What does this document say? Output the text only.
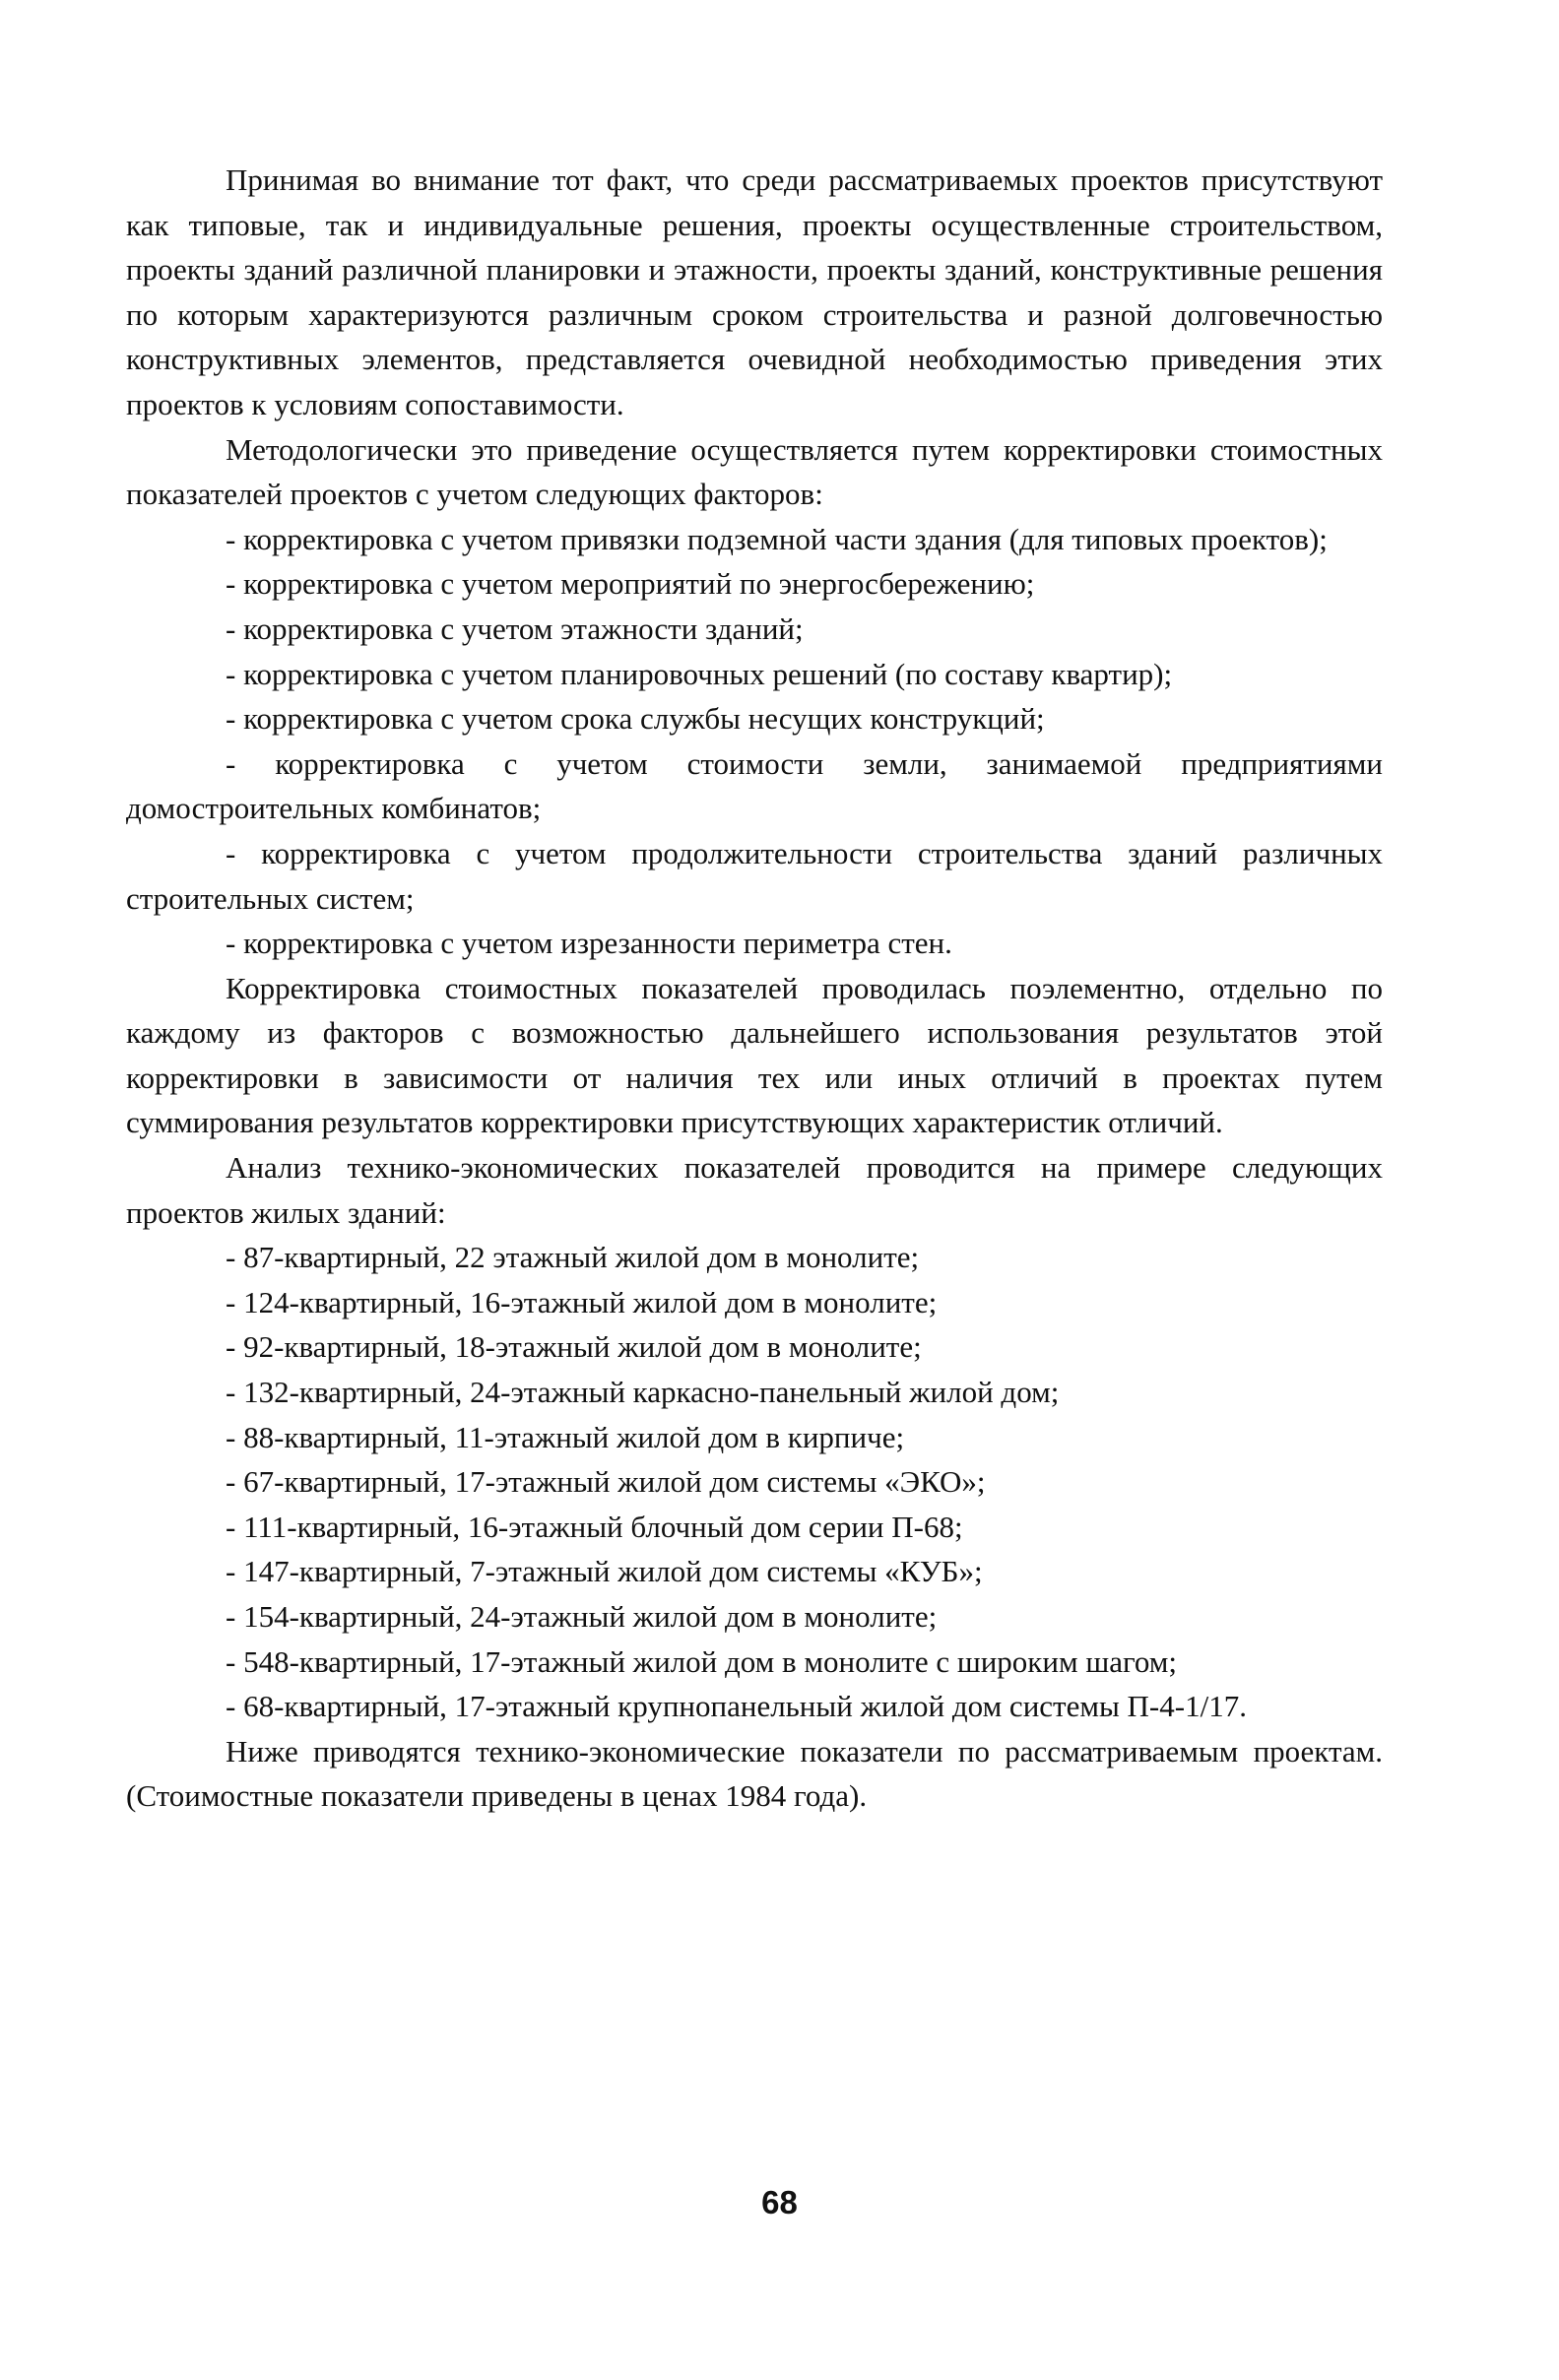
Принимая во внимание тот факт, что среди рассматриваемых проектов присутствуют как типовые, так и индивидуальные решения, проекты осуществленные строительством, проекты зданий различной планировки и этажности, проекты зданий, конструктивные решения по которым характеризуются различным сроком строительства и разной долговечностью конструктивных элементов, представляется очевидной необходимостью приведения этих проектов к условиям сопоставимости.

Методологически это приведение осуществляется путем корректировки стоимостных показателей проектов с учетом следующих факторов:

- корректировка с учетом привязки подземной части здания (для типовых проектов);

- корректировка с учетом мероприятий по энергосбережению;

- корректировка с учетом этажности зданий;

- корректировка с учетом планировочных решений (по составу квартир);

- корректировка с учетом срока службы несущих конструкций;

- корректировка с учетом стоимости земли, занимаемой предприятиями домостроительных комбинатов;

- корректировка с учетом продолжительности строительства зданий различных строительных систем;

- корректировка с учетом изрезанности периметра стен.

Корректировка стоимостных показателей проводилась поэлементно, отдельно по каждому из факторов с возможностью дальнейшего использования результатов этой корректировки в зависимости от наличия тех или иных отличий в проектах путем суммирования результатов корректировки присутствующих характеристик отличий.

Анализ технико-экономических показателей проводится на примере следующих проектов жилых зданий:

- 87-квартирный, 22 этажный жилой дом в монолите;

- 124-квартирный, 16-этажный жилой дом в монолите;

- 92-квартирный, 18-этажный жилой дом в монолите;

- 132-квартирный, 24-этажный каркасно-панельный жилой дом;

- 88-квартирный, 11-этажный жилой дом в кирпиче;

- 67-квартирный, 17-этажный жилой дом системы «ЭКО»;

- 111-квартирный, 16-этажный блочный дом серии П-68;

- 147-квартирный, 7-этажный жилой дом системы «КУБ»;

- 154-квартирный, 24-этажный жилой дом в монолите;

- 548-квартирный, 17-этажный жилой дом в монолите с широким шагом;

- 68-квартирный, 17-этажный крупнопанельный жилой дом системы П-4-1/17.

Ниже приводятся технико-экономические показатели по рассматриваемым проектам. (Стоимостные показатели приведены в ценах 1984 года).

68
